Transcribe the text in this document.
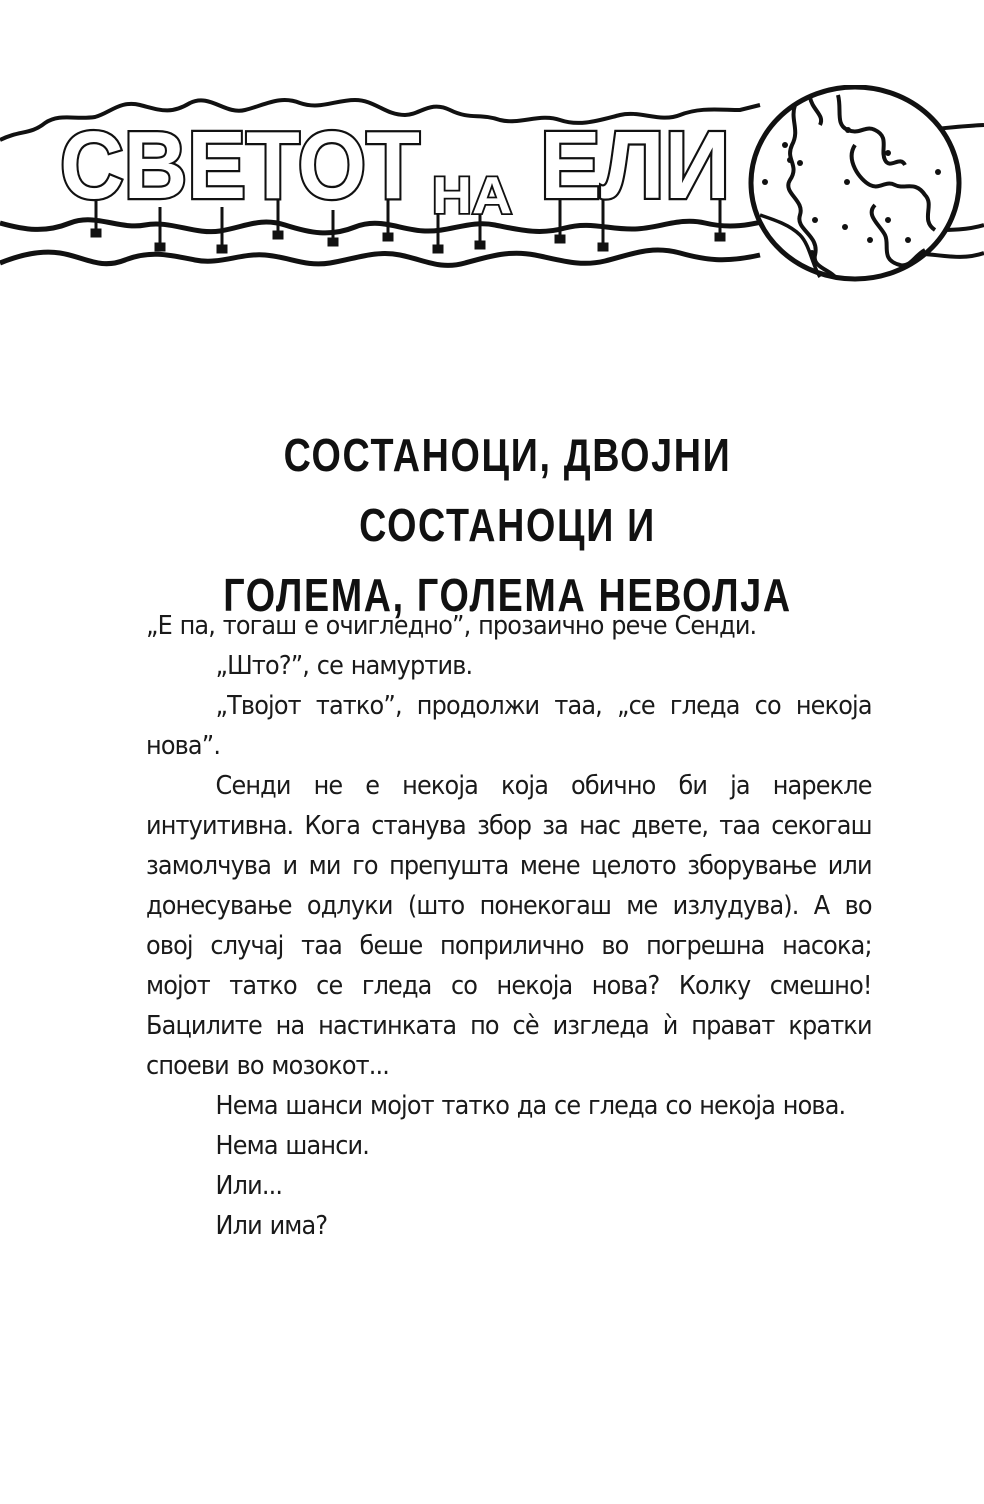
СВЕТОТ НА ЕЛИ
СОСТАНОЦИ, ДВОЈНИ СОСТАНОЦИ И
ГОЛЕМА, ГОЛЕМА НЕВОЛЈА

„Е па, тогаш е очигледно”, прозаично рече Сенди.

„Што?”, се намуртив.

„Твојот татко”, продолжи таа, „се гледа со некоја нова”.

Сенди не е некоја која обично би ја нарекле интуитивна. Кога станува збор за нас двете, таа секогаш замолчува и ми го препушта мене целото зборување или донесување одлуки (што понекогаш ме излудува). А во овој случај таа беше поприлично во погрешна насока; мојот татко се гледа со некоја нова? Колку смешно! Бацилите на настинката по сè изгледа ѝ прават кратки спoеви во мозокот...

Нема шанси мојот татко да се гледа со некоја нова.

Нема шанси.

Или...

Или има?
